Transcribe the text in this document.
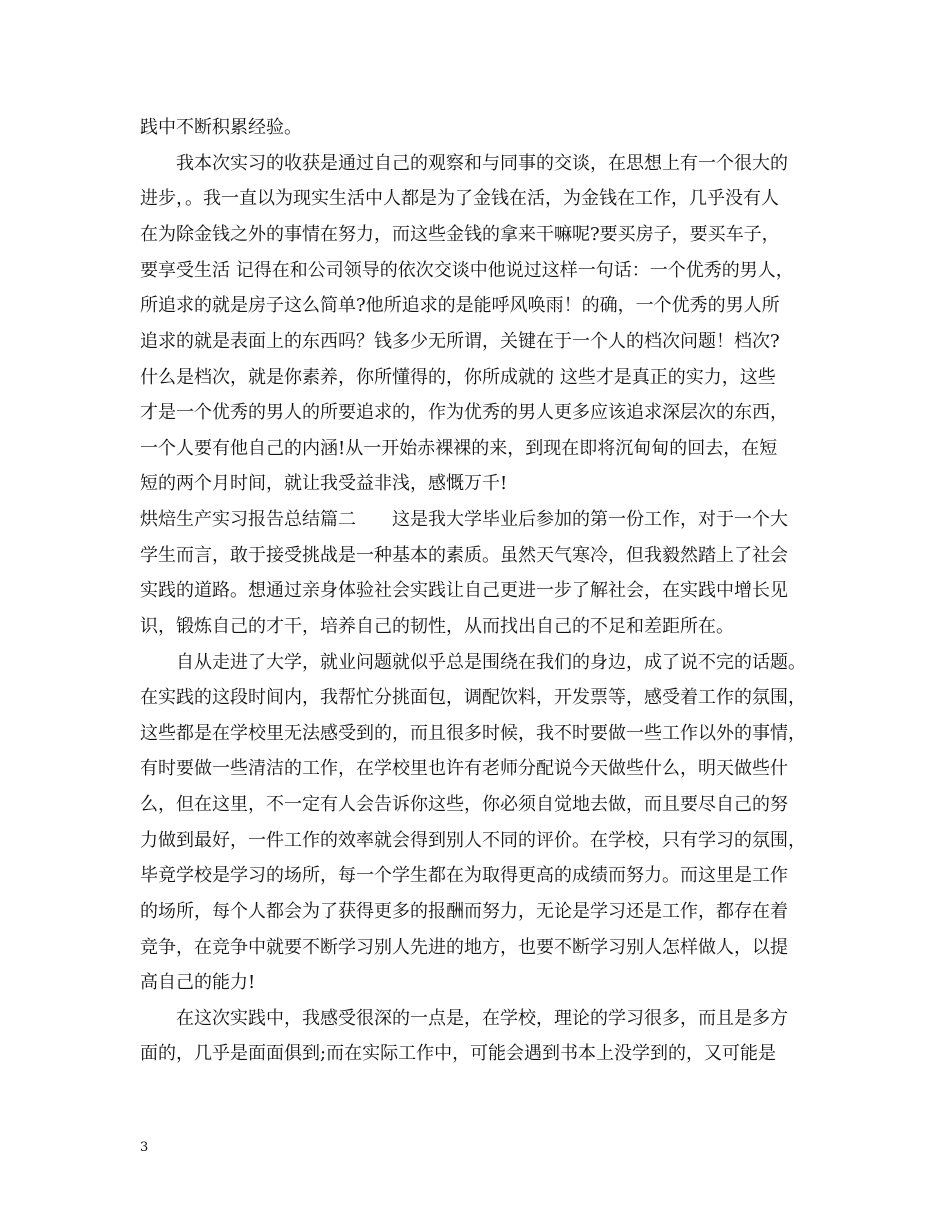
践中不断积累经验。
　　我本次实习的收获是通过自己的观察和与同事的交谈，在思想上有一个很大的
进步，。我一直以为现实生活中人都是为了金钱在活，为金钱在工作，几乎没有人
在为除金钱之外的事情在努力，而这些金钱的拿来干嘛呢?要买房子，要买车子，
要享受生活 记得在和公司领导的依次交谈中他说过这样一句话：一个优秀的男人，
所追求的就是房子这么简单?他所追求的是能呼风唤雨！的确，一个优秀的男人所
追求的就是表面上的东西吗？钱多少无所谓，关键在于一个人的档次问题！档次?
什么是档次，就是你素养，你所懂得的，你所成就的 这些才是真正的实力，这些
才是一个优秀的男人的所要追求的，作为优秀的男人更多应该追求深层次的东西，
一个人要有他自己的内涵!从一开始赤裸裸的来，到现在即将沉甸甸的回去，在短
短的两个月时间，就让我受益非浅，感慨万千!
烘焙生产实习报告总结篇二　　这是我大学毕业后参加的第一份工作，对于一个大
学生而言，敢于接受挑战是一种基本的素质。虽然天气寒冷，但我毅然踏上了社会
实践的道路。想通过亲身体验社会实践让自己更进一步了解社会，在实践中增长见
识，锻炼自己的才干，培养自己的韧性，从而找出自己的不足和差距所在。
　　自从走进了大学，就业问题就似乎总是围绕在我们的身边，成了说不完的话题。
在实践的这段时间内，我帮忙分挑面包，调配饮料，开发票等，感受着工作的氛围，
这些都是在学校里无法感受到的，而且很多时候，我不时要做一些工作以外的事情，
有时要做一些清洁的工作，在学校里也许有老师分配说今天做些什么，明天做些什
么，但在这里，不一定有人会告诉你这些，你必须自觉地去做，而且要尽自己的努
力做到最好，一件工作的效率就会得到别人不同的评价。在学校，只有学习的氛围，
毕竟学校是学习的场所，每一个学生都在为取得更高的成绩而努力。而这里是工作
的场所，每个人都会为了获得更多的报酬而努力，无论是学习还是工作，都存在着
竞争，在竞争中就要不断学习别人先进的地方，也要不断学习别人怎样做人，以提
高自己的能力!
　　在这次实践中，我感受很深的一点是，在学校，理论的学习很多，而且是多方
面的，几乎是面面俱到;而在实际工作中，可能会遇到书本上没学到的，又可能是
3
